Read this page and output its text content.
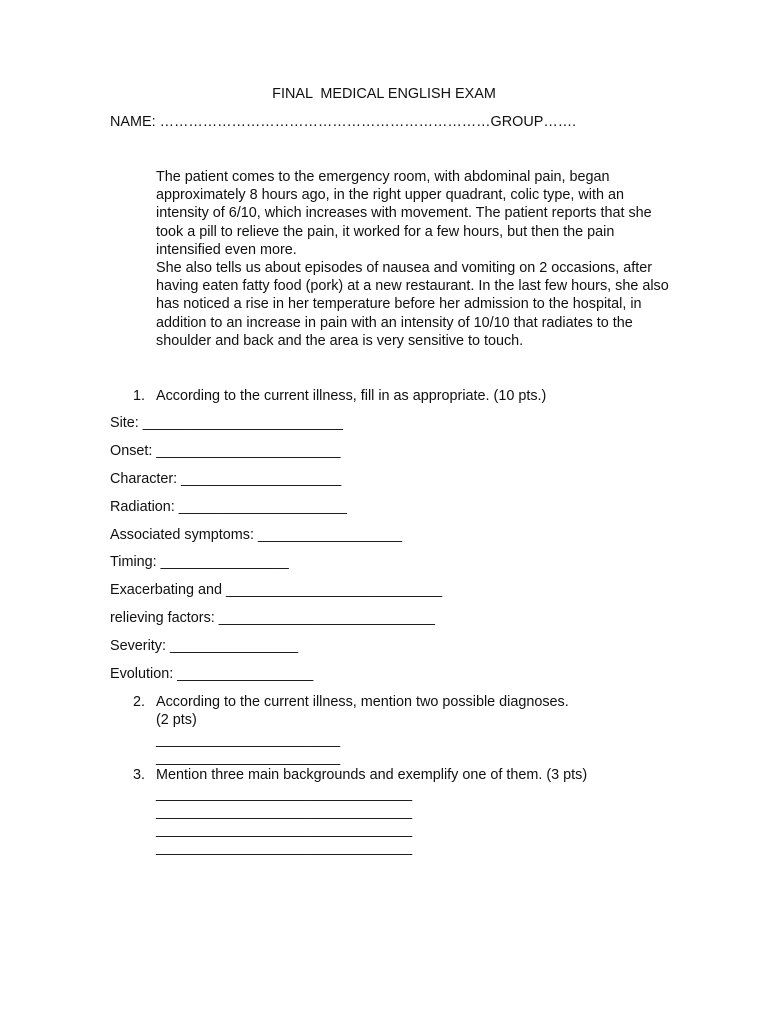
FINAL  MEDICAL ENGLISH EXAM
NAME: ……………………………………………………………GROUP…….

The patient comes to the emergency room, with abdominal pain, began approximately 8 hours ago, in the right upper quadrant, colic type, with an intensity of 6/10, which increases with movement. The patient reports that she took a pill to relieve the pain, it worked for a few hours, but then the pain intensified even more.

She also tells us about episodes of nausea and vomiting on 2 occasions, after having eaten fatty food (pork) at a new restaurant. In the last few hours, she also has noticed a rise in her temperature before her admission to the hospital, in addition to an increase in pain with an intensity of 10/10 that radiates to the shoulder and back and the area is very sensitive to touch.

1. According to the current illness, fill in as appropriate. (10 pts.)
Site: _________________________
Onset: _______________________
Character: ____________________
Radiation: _____________________
Associated symptoms: __________________
Timing: ________________
Exacerbating and ___________________________
relieving factors: ___________________________
Severity: ________________
Evolution: _________________
2. According to the current illness, mention two possible diagnoses.
(2 pts)
_______________________
_______________________
3. Mention three main backgrounds and exemplify one of them. (3 pts)
________________________________
________________________________
________________________________
________________________________
